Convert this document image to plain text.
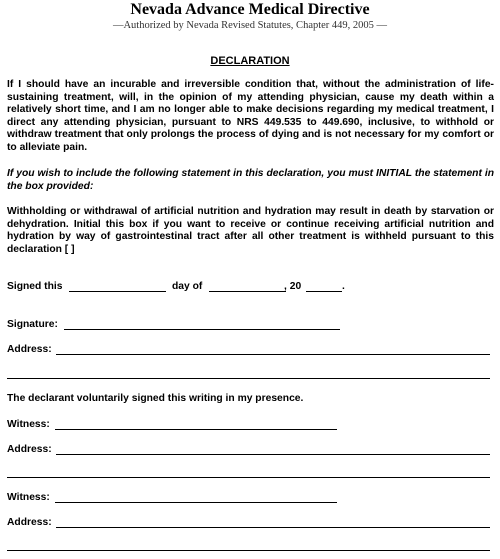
Nevada Advance Medical Directive
—Authorized by Nevada Revised Statutes, Chapter 449, 2005 —
DECLARATION
If I should have an incurable and irreversible condition that, without the administration of life-sustaining treatment, will, in the opinion of my attending physician, cause my death within a relatively short time, and I am no longer able to make decisions regarding my medical treatment, I direct any attending physician, pursuant to NRS 449.535 to 449.690, inclusive, to withhold or withdraw treatment that only prolongs the process of dying and is not necessary for my comfort or to alleviate pain.
If you wish to include the following statement in this declaration, you must INITIAL the statement in the box provided:
Withholding or withdrawal of artificial nutrition and hydration may result in death by starvation or dehydration. Initial this box if you want to receive or continue receiving artificial nutrition and hydration by way of gastrointestinal tract after all other treatment is withheld pursuant to this declaration [ ]
Signed this	day of	, 20	.
Signature:
Address:
The declarant voluntarily signed this writing in my presence.
Witness:
Address:
Witness:
Address:
